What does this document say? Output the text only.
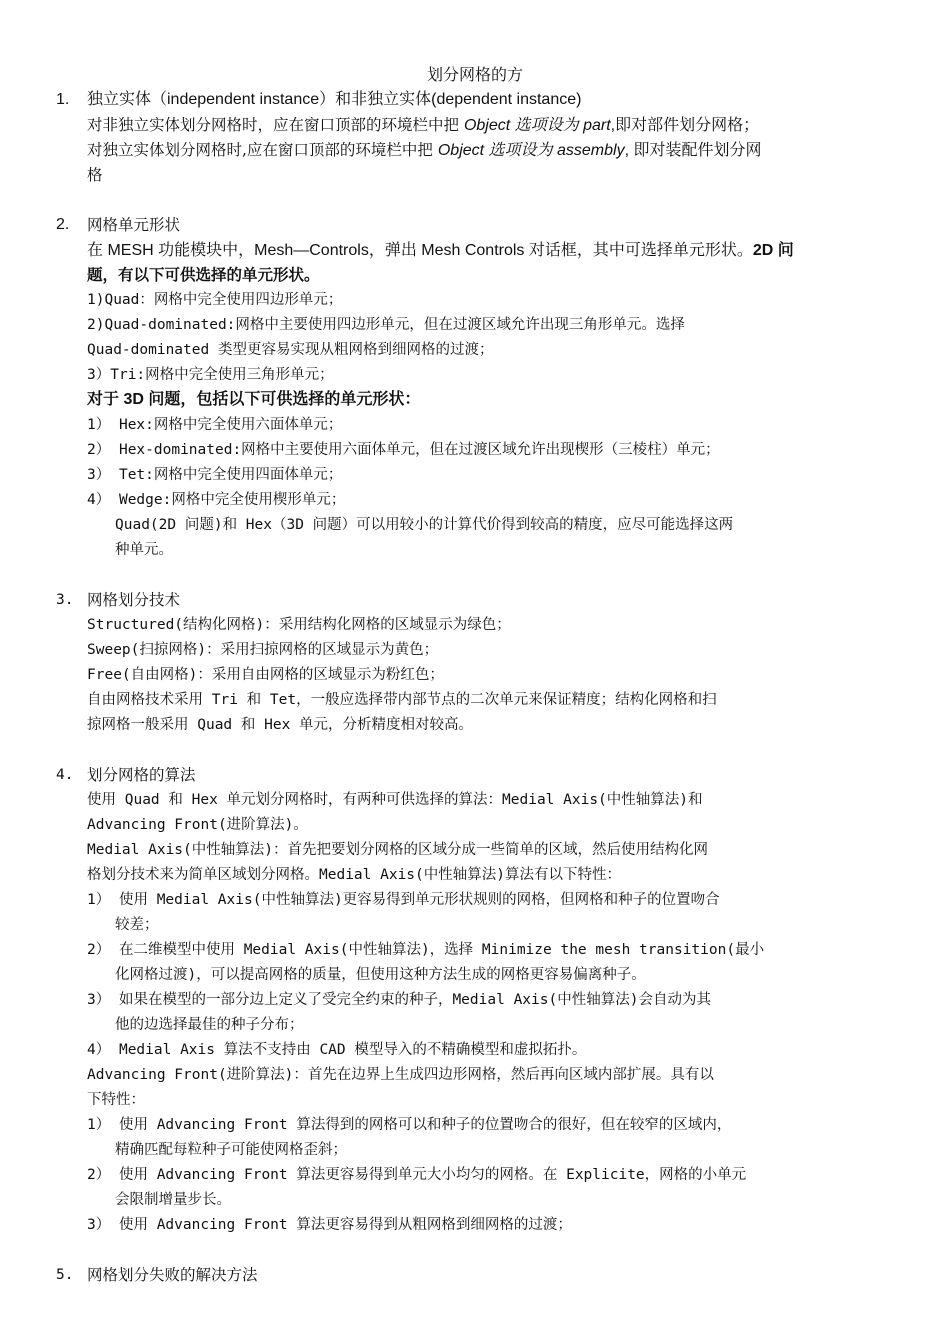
划分网格的方
1.	独立实体（independent instance）和非独立实体(dependent instance)
对非独立实体划分网格时，应在窗口顶部的环境栏中把 Object 选项设为 part,即对部件划分网格；
对独立实体划分网格时,应在窗口顶部的环境栏中把 Object 选项设为 assembly, 即对装配件划分网
格
2.	网格单元形状
在 MESH 功能模块中，Mesh—Controls，弹出 Mesh Controls 对话框，其中可选择单元形状。2D 问
题，有以下可供选择的单元形状。
1)Quad：网格中完全使用四边形单元；
2)Quad-dominated:网格中主要使用四边形单元，但在过渡区域允许出现三角形单元。选择
Quad-dominated 类型更容易实现从粗网格到细网格的过渡；
3）Tri:网格中完全使用三角形单元；
对于 3D 问题，包括以下可供选择的单元形状：
1） Hex:网格中完全使用六面体单元；
2） Hex-dominated:网格中主要使用六面体单元，但在过渡区域允许出现楔形（三棱柱）单元；
3） Tet:网格中完全使用四面体单元；
4） Wedge:网格中完全使用楔形单元；
Quad(2D 问题)和 Hex（3D 问题）可以用较小的计算代价得到较高的精度，应尽可能选择这两
种单元。
3. 网格划分技术
Structured(结构化网格)：采用结构化网格的区域显示为绿色；
Sweep(扫掠网格)：采用扫掠网格的区域显示为黄色；
Free(自由网格)：采用自由网格的区域显示为粉红色；
自由网格技术采用 Tri 和 Tet，一般应选择带内部节点的二次单元来保证精度；结构化网格和扫
掠网格一般采用 Quad 和 Hex 单元，分析精度相对较高。
4. 划分网格的算法
使用 Quad 和 Hex 单元划分网格时，有两种可供选择的算法：Medial Axis(中性轴算法)和
Advancing Front(进阶算法)。
Medial Axis(中性轴算法)：首先把要划分网格的区域分成一些简单的区域，然后使用结构化网
格划分技术来为简单区域划分网格。Medial Axis(中性轴算法)算法有以下特性：
1） 使用 Medial Axis(中性轴算法)更容易得到单元形状规则的网格，但网格和种子的位置吻合
较差；
2） 在二维模型中使用 Medial Axis(中性轴算法)，选择 Minimize the mesh transition(最小
化网格过渡)，可以提高网格的质量，但使用这种方法生成的网格更容易偏离种子。
3） 如果在模型的一部分边上定义了受完全约束的种子，Medial Axis(中性轴算法)会自动为其
他的边选择最佳的种子分布；
4） Medial Axis 算法不支持由 CAD 模型导入的不精确模型和虚拟拓扑。
Advancing Front(进阶算法)：首先在边界上生成四边形网格，然后再向区域内部扩展。具有以
下特性：
1） 使用 Advancing Front 算法得到的网格可以和种子的位置吻合的很好，但在较窄的区域内，
精确匹配每粒种子可能使网格歪斜；
2） 使用 Advancing Front 算法更容易得到单元大小均匀的网格。在 Explicite，网格的小单元
会限制增量步长。
3） 使用 Advancing Front 算法更容易得到从粗网格到细网格的过渡；
5. 网格划分失败的解决方法
